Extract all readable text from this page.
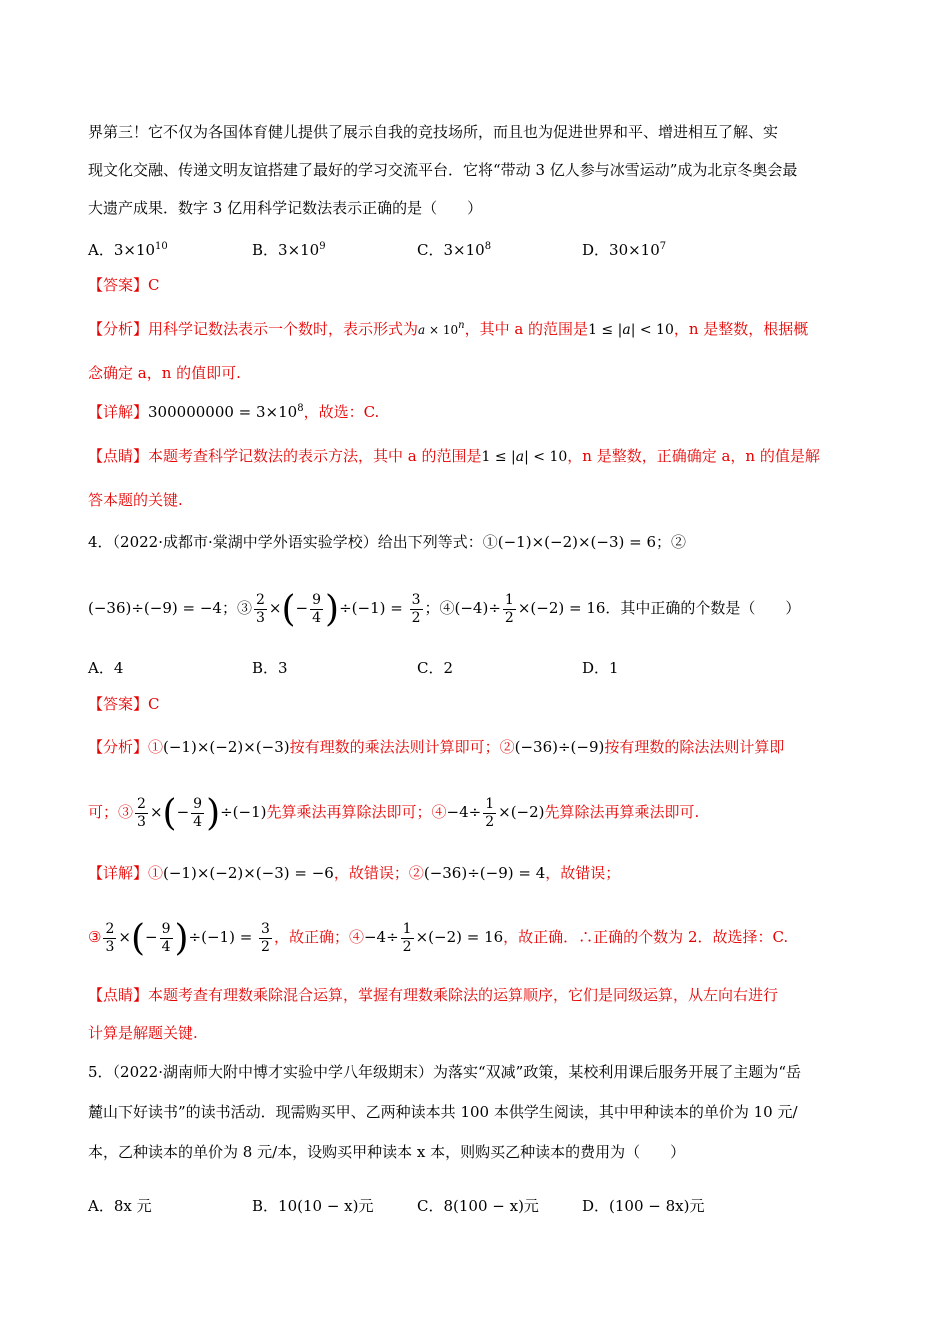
界第三！它不仅为各国体育健儿提供了展示自我的竞技场所，而且也为促进世界和平、增进相互了解、实
现文化交融、传递文明友谊搭建了最好的学习交流平台．它将“带动 3 亿人参与冰雪运动”成为北京冬奥会最
大遗产成果．数字 3 亿用科学记数法表示正确的是（　　）
A．$3\times 10^{10}$	B．$3\times 10^9$	C．$3\times 10^8$	D．$30\times 10^7$
【答案】C
【分析】用科学记数法表示一个数时，表示形式为$a \times 10^n$，其中 a 的范围是1 ≤ |a| < 10，n 是整数，根据概
念确定 a，n 的值即可.
【详解】$300000000 = 3\times 10^8$，故选：C.
【点睛】本题考查科学记数法的表示方法，其中 a 的范围是1 ≤ |a| < 10，n 是整数，正确确定 a，n 的值是解
答本题的关键.
4．（2022·成都市·棠湖中学外语实验学校）给出下列等式：①(−1)×(−2)×(−3) = 6；②
(−36)÷(−9) = −4；③ $\frac{2}{3}$ ×(− $\frac{9}{4} )\div(-1) = \frac{3}{2}$ ；④(−4)÷ $\frac{1}{2} \times(-2) = 16$．其中正确的个数是（　　）
A．4	B．3	C．2	D．1
【答案】C
【分析】①(−1)×(−2)×(−3)按有理数的乘法法则计算即可；②(−36)÷(−9)按有理数的除法法则计算即
可；③ $\frac{2}{3}$ ×(− $\frac{9}{4} )\div(-1)$先算乘法再算除法即可；④−4÷ $\frac{1}{2} \times(-2)$先算除法再算乘法即可.
【详解】①(−1)×(−2)×(−3) = −6，故错误；②(−36)÷(−9) = 4，故错误；
③ $\frac{2}{3}$ ×(− $\frac{9}{4} )\div(-1) = \frac{3}{2}$ ，故正确；④−4÷ $\frac{1}{2} \times(-2) = 16$，故正确．∴正确的个数为 2．故选择：C.
【点睛】本题考查有理数乘除混合运算，掌握有理数乘除法的运算顺序，它们是同级运算，从左向右进行
计算是解题关键.
5．（2022·湖南师大附中博才实验中学八年级期末）为落实“双减”政策，某校利用课后服务开展了主题为“岳
麓山下好读书”的读书活动．现需购买甲、乙两种读本共 100 本供学生阅读，其中甲种读本的单价为 10 元/
本，乙种读本的单价为 8 元/本，设购买甲种读本 x 本，则购买乙种读本的费用为（　　）
A．8x 元	B．10(10 − x)元	C．8(100 − x)元	D．(100 − 8x)元
